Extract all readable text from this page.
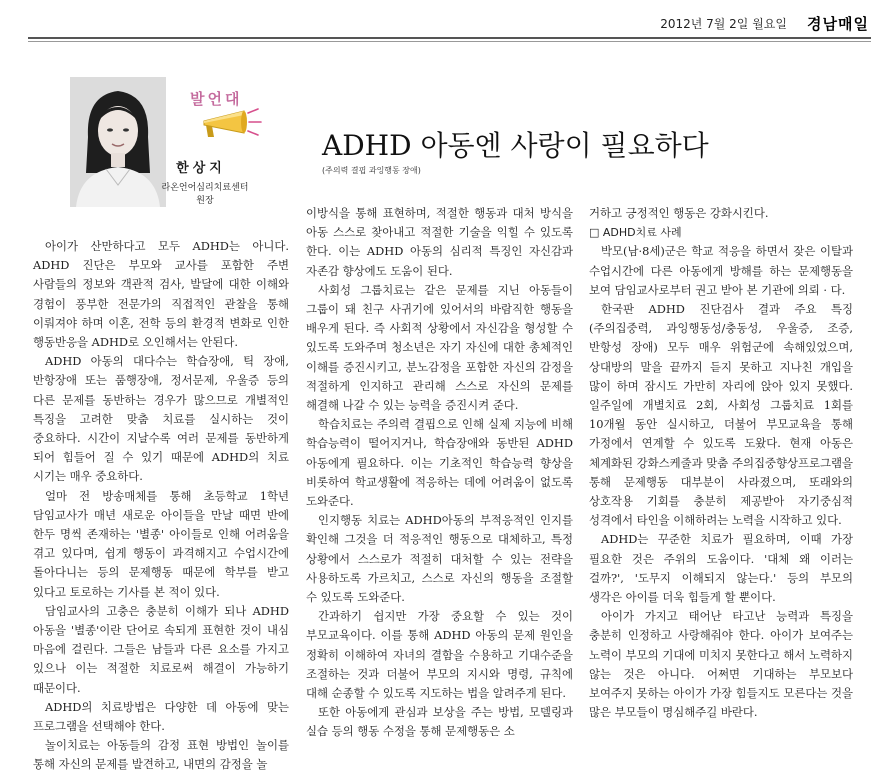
2012년 7월 2일 월요일 경남매일
발언대
한상지
라온언어심리치료센터
원장
ADHD 아동엔 사랑이 필요하다
(주의력 결핍 과잉행동 장애)

아이가 산만하다고 모두 ADHD는 아니다. ADHD 진단은 부모와 교사를 포함한 주변 사람들의 정보와 객관적 검사, 발달에 대한 이해와 경험이 풍부한 전문가의 직접적인 관찰을 통해 이뤄져야 하며 이혼, 전학 등의 환경적 변화로 인한 행동반응을 ADHD로 오인해서는 안된다.

ADHD 아동의 대다수는 학습장애, 틱 장애, 반항장애 또는 품행장애, 정서문제, 우울증 등의 다른 문제를 동반하는 경우가 많으므로 개별적인 특징을 고려한 맞춤 치료를 실시하는 것이 중요하다. 시간이 지날수록 여러 문제를 동반하게 되어 힘들어 질 수 있기 때문에 ADHD의 치료 시기는 매우 중요하다.

얼마 전 방송매체를 통해 초등학교 1학년 담임교사가 매년 새로운 아이들을 만날 때면 반에 한두 명씩 존재하는 '별종' 아이들로 인해 어려움을 겪고 있다며, 쉽게 행동이 과격해지고 수업시간에 돌아다니는 등의 문제행동 때문에 학부를 받고 있다고 토로하는 기사를 본 적이 있다.

담임교사의 고충은 충분히 이해가 되나 ADHD 아동을 '별종'이란 단어로 속되게 표현한 것이 내심 마음에 걸린다. 그들은 남들과 다른 요소를 가지고 있으나 이는 적절한 치료로써 해결이 가능하기 때문이다.

ADHD의 치료방법은 다양한 데 아동에 맞는 프로그램을 선택해야 한다.

놀이치료는 아동들의 감정 표현 방법인 놀이를 통해 자신의 문제를 발견하고, 내면의 감정을 놀

이방식을 통해 표현하며, 적절한 행동과 대처 방식을 아동 스스로 찾아내고 적절한 기술을 익힐 수 있도록 한다. 이는 ADHD 아동의 심리적 특징인 자신감과 자존감 향상에도 도움이 된다.

사회성 그룹치료는 같은 문제를 지닌 아동들이 그룹이 돼 친구 사귀기에 있어서의 바람직한 행동을 배우게 된다. 즉 사회적 상황에서 자신감을 형성할 수 있도록 도와주며 청소년은 자기 자신에 대한 총체적인 이해를 증진시키고, 분노감정을 포함한 자신의 감정을 적절하게 인지하고 관리해 스스로 자신의 문제를 해결해 나갈 수 있는 능력을 증진시켜 준다.

학습치료는 주의력 결핍으로 인해 실제 지능에 비해 학습능력이 떨어지거나, 학습장애와 동반된 ADHD 아동에게 필요하다. 이는 기초적인 학습능력 향상을 비롯하여 학교생활에 적응하는 데에 어려움이 없도록 도와준다.

인지행동 치료는 ADHD아동의 부적응적인 인지를 확인해 그것을 더 적응적인 행동으로 대체하고, 특정 상황에서 스스로가 적절히 대처할 수 있는 전략을 사용하도록 가르치고, 스스로 자신의 행동을 조절할 수 있도록 도와준다.

간과하기 쉽지만 가장 중요할 수 있는 것이 부모교육이다. 이를 통해 ADHD 아동의 문제 원인을 정확히 이해하여 자녀의 결함을 수용하고 기대수준을 조절하는 것과 더불어 부모의 지시와 명령, 규칙에 대해 순종할 수 있도록 지도하는 법을 알려주게 된다.

또한 아동에게 관심과 보상을 주는 방법, 모델링과 실습 등의 행동 수정을 통해 문제행동은 소

거하고 긍정적인 행동은 강화시킨다.

□ ADHD치료 사례

박모(남·8세)군은 학교 적응을 하면서 잦은 이탈과 수업시간에 다른 아동에게 방해를 하는 문제행동을 보여 담임교사로부터 권고 받아 본 기관에 의뢰 · 다.

한국판 ADHD 진단검사 결과 주요 특징(주의집중력, 과잉행동성/충동성, 우울증, 조증, 반항성 장애) 모두 매우 위험군에 속해있었으며, 상대방의 말을 끝까지 듣지 못하고 지나친 개입을 많이 하며 잠시도 가만히 자리에 앉아 있지 못했다. 일주일에 개별치료 2회, 사회성 그룹치료 1회를 10개월 동안 실시하고, 더불어 부모교육을 통해 가정에서 연계할 수 있도록 도왔다. 현재 아동은 체계화된 강화스케줄과 맞춤 주의집중향상프로그램을 통해 문제행동 대부분이 사라졌으며, 또래와의 상호작용 기회를 충분히 제공받아 자기중심적 성격에서 타인을 이해하려는 노력을 시작하고 있다.

ADHD는 꾸준한 치료가 필요하며, 이때 가장 필요한 것은 주위의 도움이다. '대체 왜 이러는 걸까?', '도무지 이해되지 않는다.' 등의 부모의 생각은 아이를 더욱 힘들게 할 뿐이다.

아이가 가지고 태어난 타고난 능력과 특징을 충분히 인정하고 사랑해줘야 한다. 아이가 보여주는 노력이 부모의 기대에 미치지 못한다고 해서 노력하지 않는 것은 아니다. 어쩌면 기대하는 부모보다 보여주지 못하는 아이가 가장 힘들지도 모른다는 것을 많은 부모들이 명심해주길 바란다.
